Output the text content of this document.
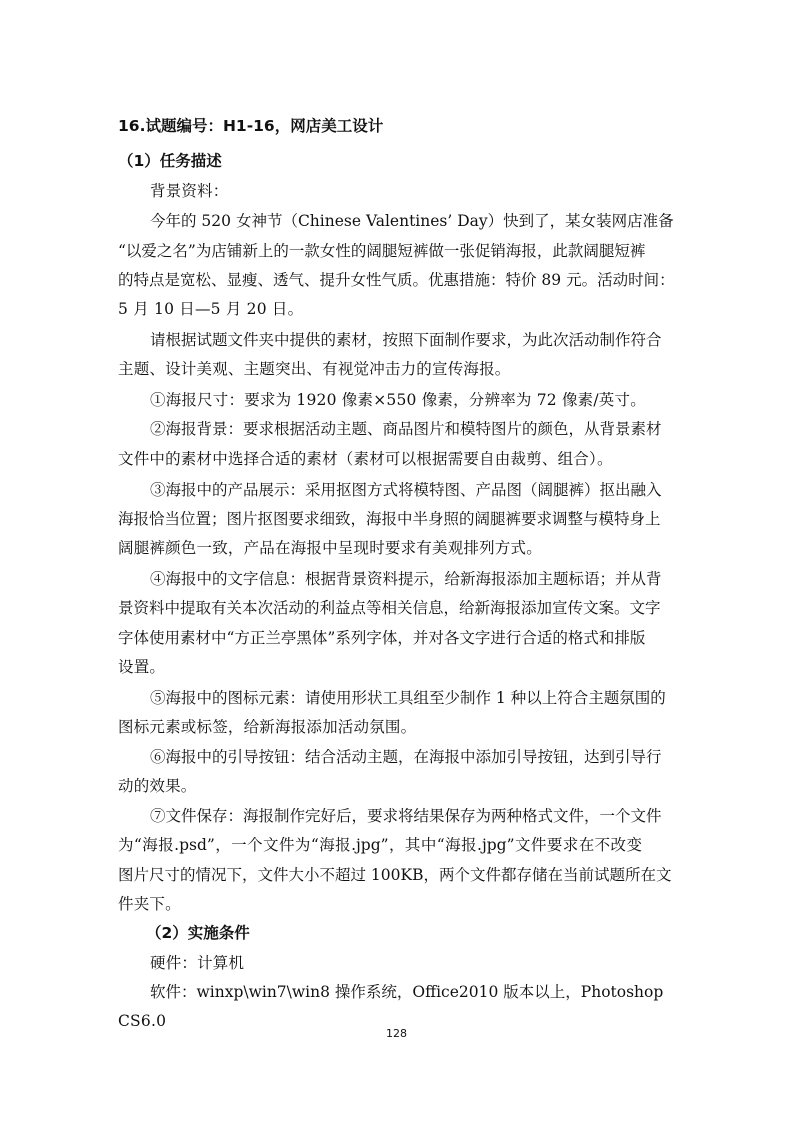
16.试题编号：H1-16，网店美工设计
（1）任务描述
背景资料：
今年的 520 女神节（Chinese Valentines’ Day）快到了，某女装网店准备
“以爱之名”为店铺新上的一款女性的阔腿短裤做一张促销海报，此款阔腿短裤
的特点是宽松、显瘦、透气、提升女性气质。优惠措施：特价 89 元。活动时间：
5 月 10 日—5 月 20 日。
请根据试题文件夹中提供的素材，按照下面制作要求，为此次活动制作符合
主题、设计美观、主题突出、有视觉冲击力的宣传海报。
①海报尺寸：要求为 1920 像素×550 像素，分辨率为 72 像素/英寸。
②海报背景：要求根据活动主题、商品图片和模特图片的颜色，从背景素材
文件中的素材中选择合适的素材（素材可以根据需要自由裁剪、组合）。
③海报中的产品展示：采用抠图方式将模特图、产品图（阔腿裤）抠出融入
海报恰当位置；图片抠图要求细致，海报中半身照的阔腿裤要求调整与模特身上
阔腿裤颜色一致，产品在海报中呈现时要求有美观排列方式。
④海报中的文字信息：根据背景资料提示，给新海报添加主题标语；并从背
景资料中提取有关本次活动的利益点等相关信息，给新海报添加宣传文案。文字
字体使用素材中“方正兰亭黑体”系列字体，并对各文字进行合适的格式和排版
设置。
⑤海报中的图标元素：请使用形状工具组至少制作 1 种以上符合主题氛围的
图标元素或标签，给新海报添加活动氛围。
⑥海报中的引导按钮：结合活动主题，在海报中添加引导按钮，达到引导行
动的效果。
⑦文件保存：海报制作完好后，要求将结果保存为两种格式文件，一个文件
为“海报.psd”，一个文件为“海报.jpg”，其中“海报.jpg”文件要求在不改变
图片尺寸的情况下，文件大小不超过 100KB，两个文件都存储在当前试题所在文
件夹下。
（2）实施条件
硬件：计算机
软件：winxp\win7\win8 操作系统，Office2010 版本以上，Photoshop
CS6.0
128
